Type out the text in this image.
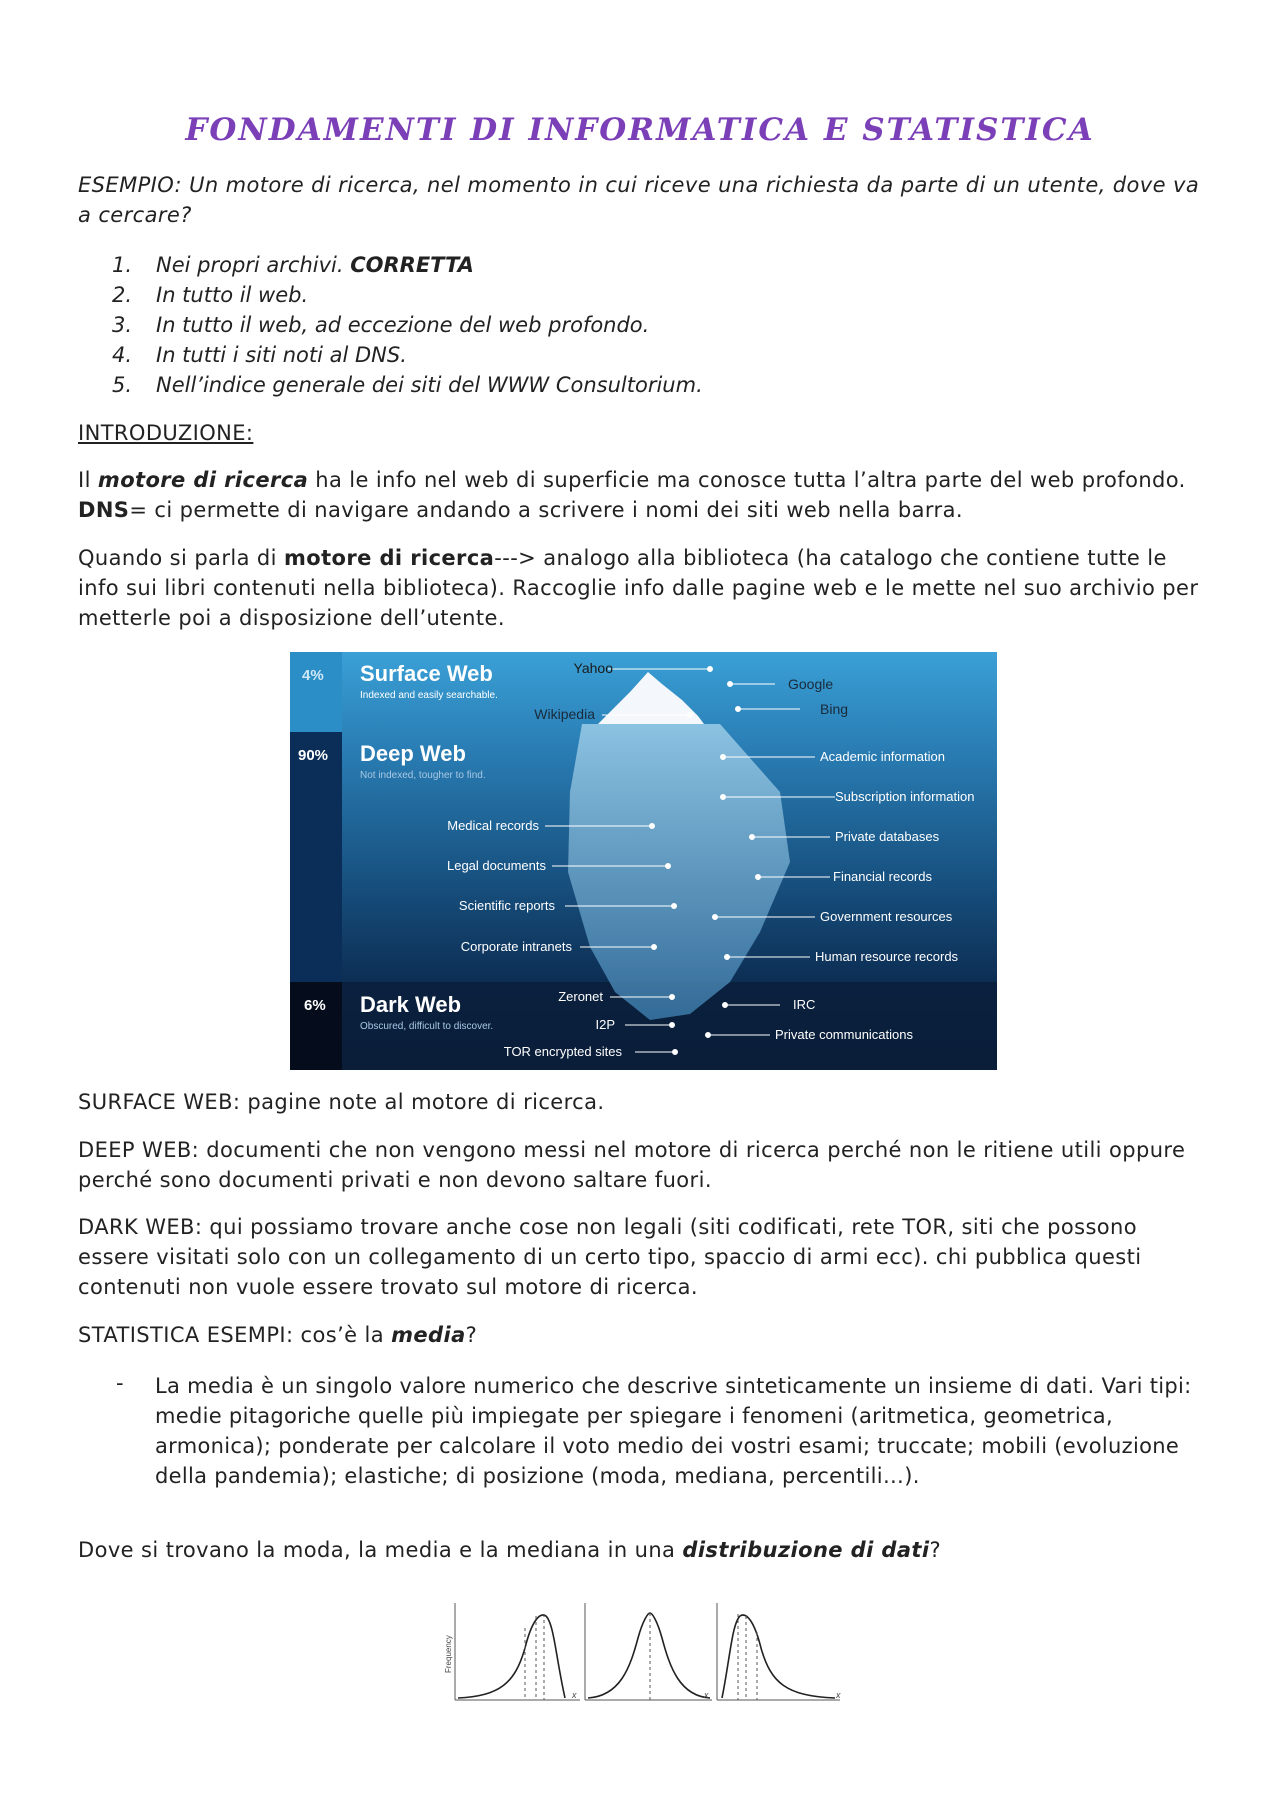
FONDAMENTI DI INFORMATICA E STATISTICA
ESEMPIO: Un motore di ricerca, nel momento in cui riceve una richiesta da parte di un utente, dove va a cercare?
1.	Nei propri archivi. CORRETTA
2.	In tutto il web.
3.	In tutto il web, ad eccezione del web profondo.
4.	In tutti i siti noti al DNS.
5.	Nell’indice generale dei siti del WWW Consultorium.
INTRODUZIONE:
Il motore di ricerca ha le info nel web di superficie ma conosce tutta l’altra parte del web profondo. DNS= ci permette di navigare andando a scrivere i nomi dei siti web nella barra.
Quando si parla di motore di ricerca---> analogo alla biblioteca (ha catalogo che contiene tutte le info sui libri contenuti nella biblioteca). Raccoglie info dalle pagine web e le mette nel suo archivio per metterle poi a disposizione dell’utente.
4% Surface Web
Indexed and easily searchable.
90% Deep Web
Not indexed, tougher to find.
6% Dark Web
Obscured, difficult to discover.
Yahoo
Google
Bing
Wikipedia
Academic information
Subscription information
Private databases
Financial records
Government resources
Human resource records
Medical records
Legal documents
Scientific reports
Corporate intranets
Zeronet
I2P
TOR encrypted sites
IRC
Private communications
SURFACE WEB: pagine note al motore di ricerca.
DEEP WEB: documenti che non vengono messi nel motore di ricerca perché non le ritiene utili oppure perché sono documenti privati e non devono saltare fuori.
DARK WEB: qui possiamo trovare anche cose non legali (siti codificati, rete TOR, siti che possono essere visitati solo con un collegamento di un certo tipo, spaccio di armi ecc). chi pubblica questi contenuti non vuole essere trovato sul motore di ricerca.
STATISTICA ESEMPI: cos’è la media?
- La media è un singolo valore numerico che descrive sinteticamente un insieme di dati. Vari tipi: medie pitagoriche quelle più impiegate per spiegare i fenomeni (aritmetica, geometrica, armonica); ponderate per calcolare il voto medio dei vostri esami; truccate; mobili (evoluzione della pandemia); elastiche; di posizione (moda, mediana, percentili…).
Dove si trovano la moda, la media e la mediana in una distribuzione di dati?
Frequency
x	x	x
